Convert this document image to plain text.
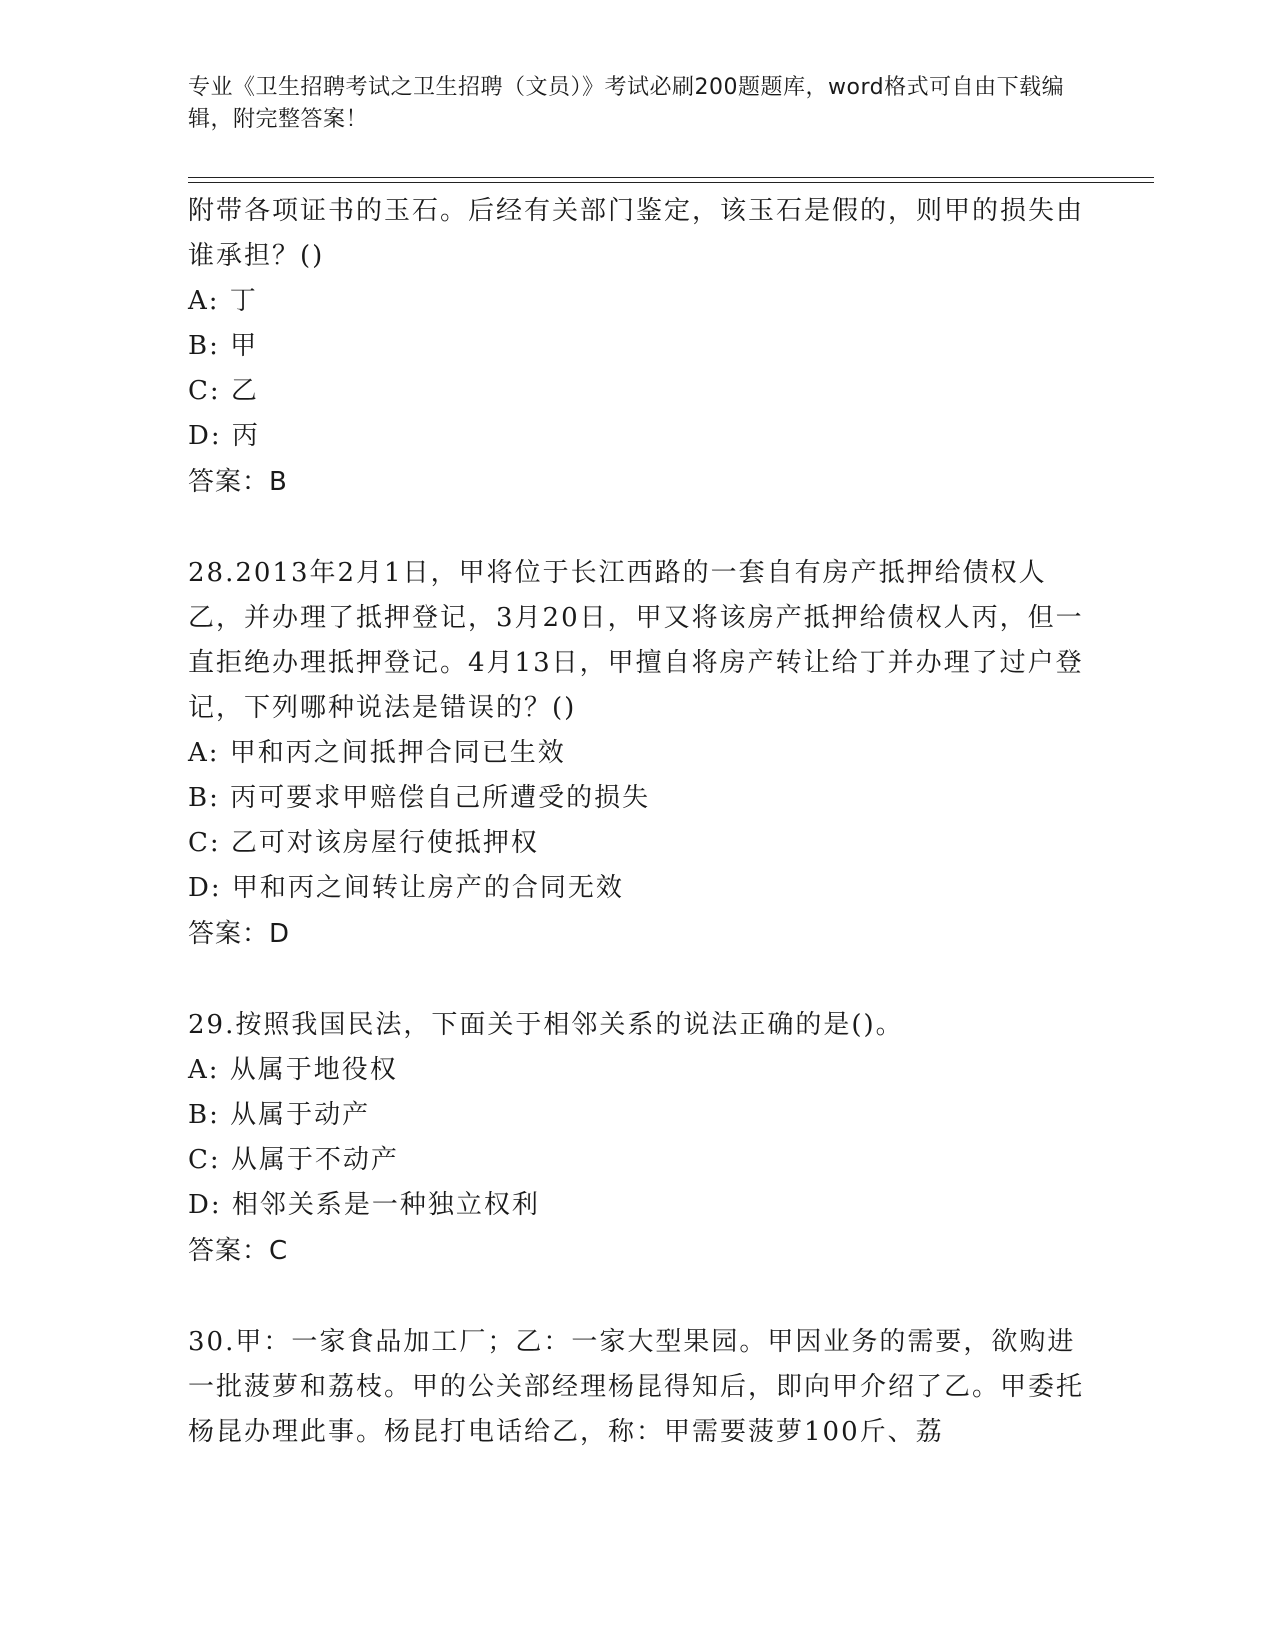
专业《卫生招聘考试之卫生招聘（文员）》考试必刷200题题库，word格式可自由下载编辑，附完整答案！

附带各项证书的玉石。后经有关部门鉴定，该玉石是假的，则甲的损失由谁承担？()

A: 丁

B: 甲

C: 乙

D: 丙

答案：B

28.2013年2月1日，甲将位于长江西路的一套自有房产抵押给债权人乙，并办理了抵押登记，3月20日，甲又将该房产抵押给债权人丙，但一直拒绝办理抵押登记。4月13日，甲擅自将房产转让给丁并办理了过户登记，下列哪种说法是错误的？()

A: 甲和丙之间抵押合同已生效

B: 丙可要求甲赔偿自己所遭受的损失

C: 乙可对该房屋行使抵押权

D: 甲和丙之间转让房产的合同无效

答案：D

29.按照我国民法，下面关于相邻关系的说法正确的是()。

A: 从属于地役权

B: 从属于动产

C: 从属于不动产

D: 相邻关系是一种独立权利

答案：C

30.甲：一家食品加工厂；乙：一家大型果园。甲因业务的需要，欲购进一批菠萝和荔枝。甲的公关部经理杨昆得知后，即向甲介绍了乙。甲委托杨昆办理此事。杨昆打电话给乙，称：甲需要菠萝100斤、荔
